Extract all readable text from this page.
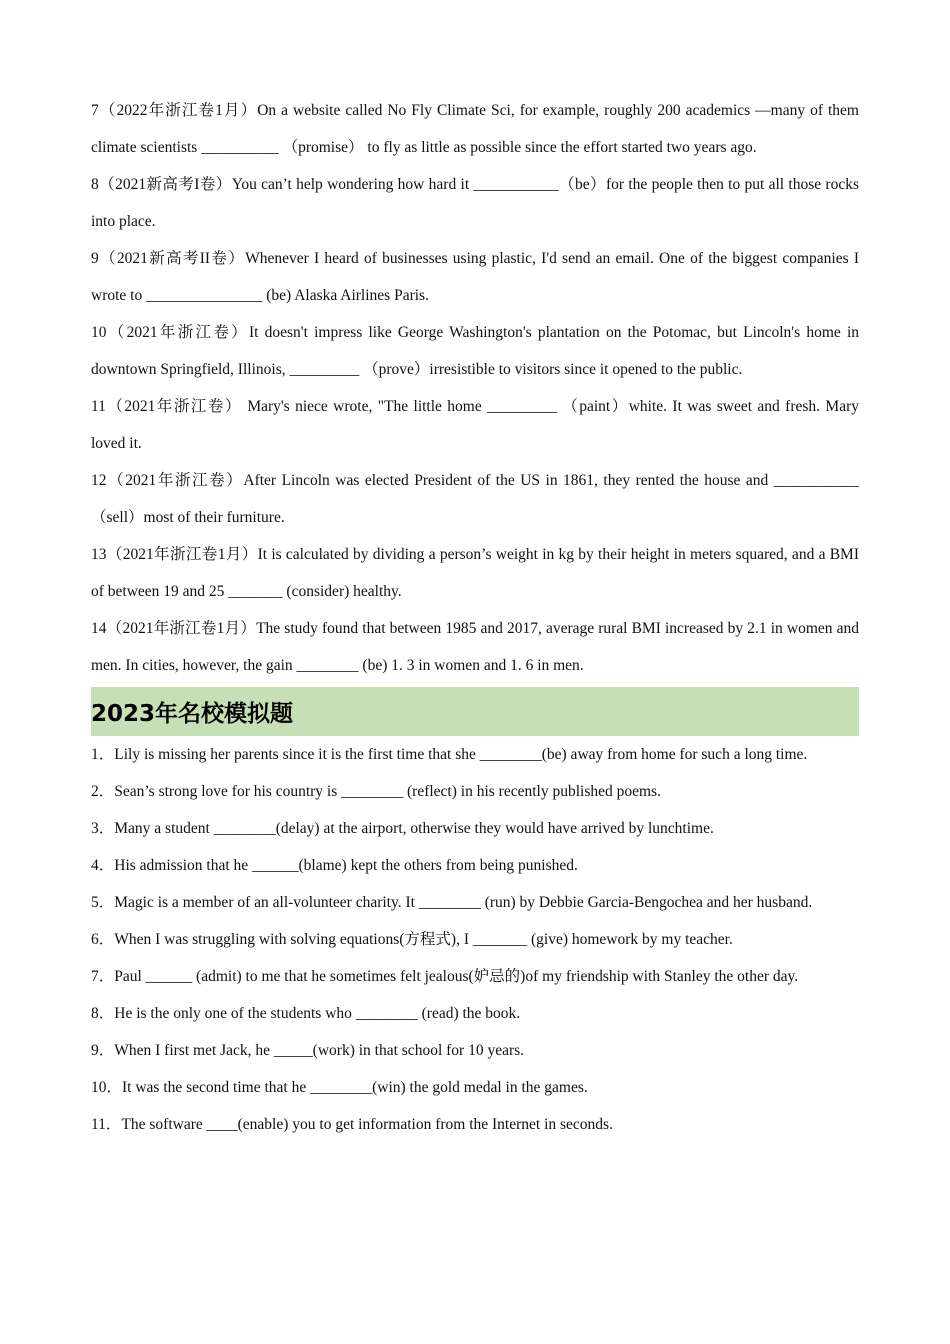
7（2022年浙江卷1月）On a website called No Fly Climate Sci, for example, roughly 200 academics —many of them climate scientists __________ （promise） to fly as little as possible since the effort started two years ago.

8（2021新高考I卷）You can’t help wondering how hard it ___________（be）for the people then to put all those rocks into place.

9（2021新高考II卷）Whenever I heard of businesses using plastic, I'd send an email. One of the biggest companies I wrote to _______________ (be) Alaska Airlines Paris.

10（2021年浙江卷）It doesn't impress like George Washington's plantation on the Potomac, but Lincoln's home in downtown Springfield, Illinois, _________ （prove）irresistible to visitors since it opened to the public.

11（2021年浙江卷） Mary's niece wrote, "The little home _________ （paint）white. It was sweet and fresh. Mary loved it.

12（2021年浙江卷）After Lincoln was elected President of the US in 1861, they rented the house and ___________（sell）most of their furniture.

13（2021年浙江卷1月）It is calculated by dividing a person’s weight in kg by their height in meters squared, and a BMI of between 19 and 25 _______ (consider) healthy.

14（2021年浙江卷1月）The study found that between 1985 and 2017, average rural BMI increased by 2.1 in women and men. In cities, however, the gain ________ (be) 1. 3 in women and 1. 6 in men.

2023年名校模拟题

1．Lily is missing her parents since it is the first time that she ________(be) away from home for such a long time.

2．Sean’s strong love for his country is ________ (reflect) in his recently published poems.

3．Many a student ________(delay) at the airport, otherwise they would have arrived by lunchtime.

4．His admission that he ______(blame) kept the others from being punished.

5．Magic is a member of an all-volunteer charity. It ________ (run) by Debbie Garcia-Bengochea and her husband.

6．When I was struggling with solving equations(方程式), I _______ (give) homework by my teacher.

7．Paul ______ (admit) to me that he sometimes felt jealous(妒忌的)of my friendship with Stanley the other day.

8．He is the only one of the students who ________ (read) the book.

9．When I first met Jack, he _____(work) in that school for 10 years.

10．It was the second time that he ________(win) the gold medal in the games.

11．The software ____(enable) you to get information from the Internet in seconds.
